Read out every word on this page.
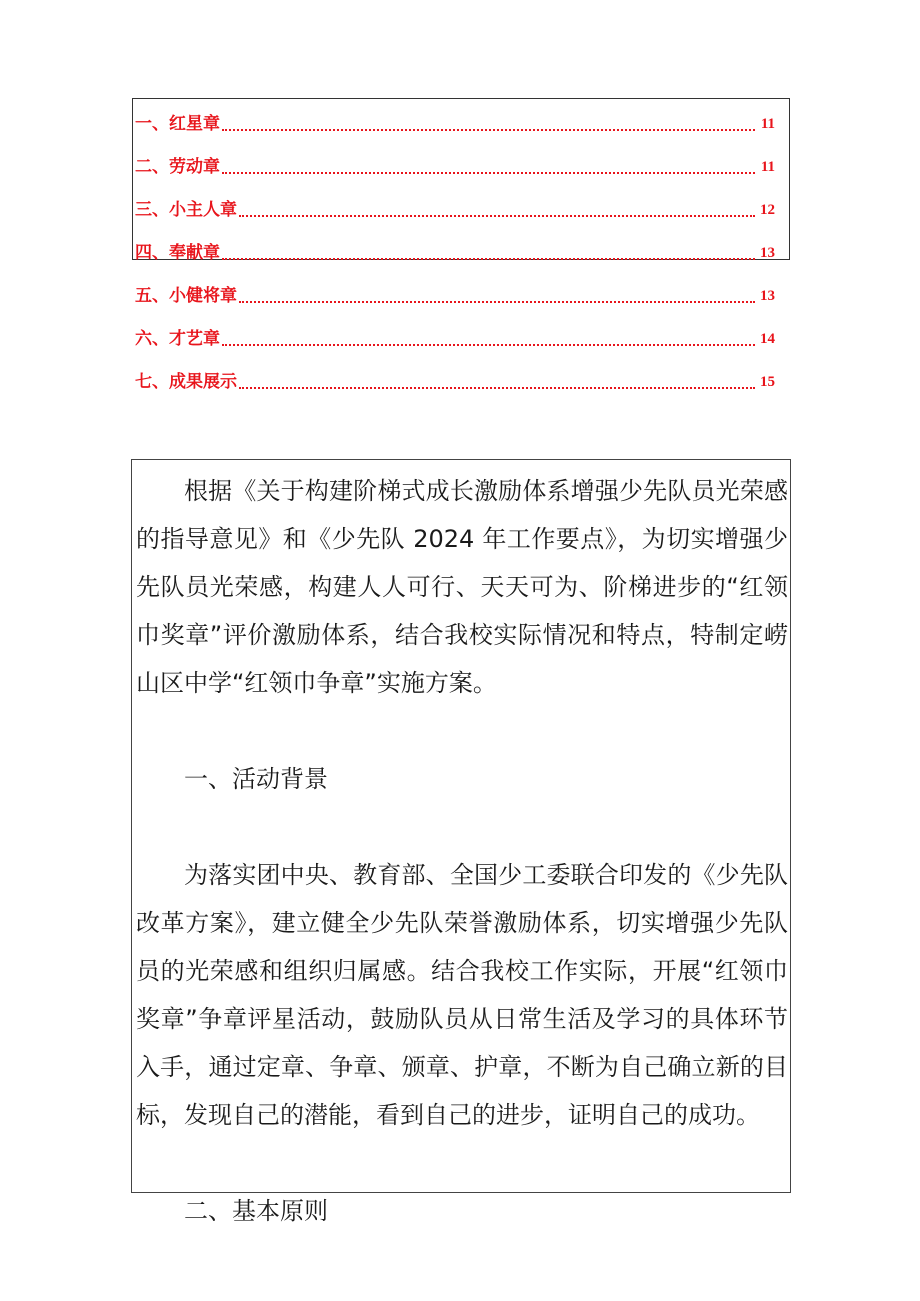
一、红星章	11
二、劳动章	11
三、小主人章	12
四、奉献章	13
五、小健将章	13
六、才艺章	14
七、成果展示	15

根据《关于构建阶梯式成长激励体系增强少先队员光荣感的指导意见》和《少先队 2024 年工作要点》，为切实增强少先队员光荣感，构建人人可行、天天可为、阶梯进步的“红领巾奖章”评价激励体系，结合我校实际情况和特点，特制定崂山区中学“红领巾争章”实施方案。

一、活动背景

为落实团中央、教育部、全国少工委联合印发的《少先队改革方案》，建立健全少先队荣誉激励体系，切实增强少先队员的光荣感和组织归属感。结合我校工作实际，开展“红领巾奖章”争章评星活动，鼓励队员从日常生活及学习的具体环节入手，通过定章、争章、颁章、护章，不断为自己确立新的目标，发现自己的潜能，看到自己的进步，证明自己的成功。

二、基本原则
